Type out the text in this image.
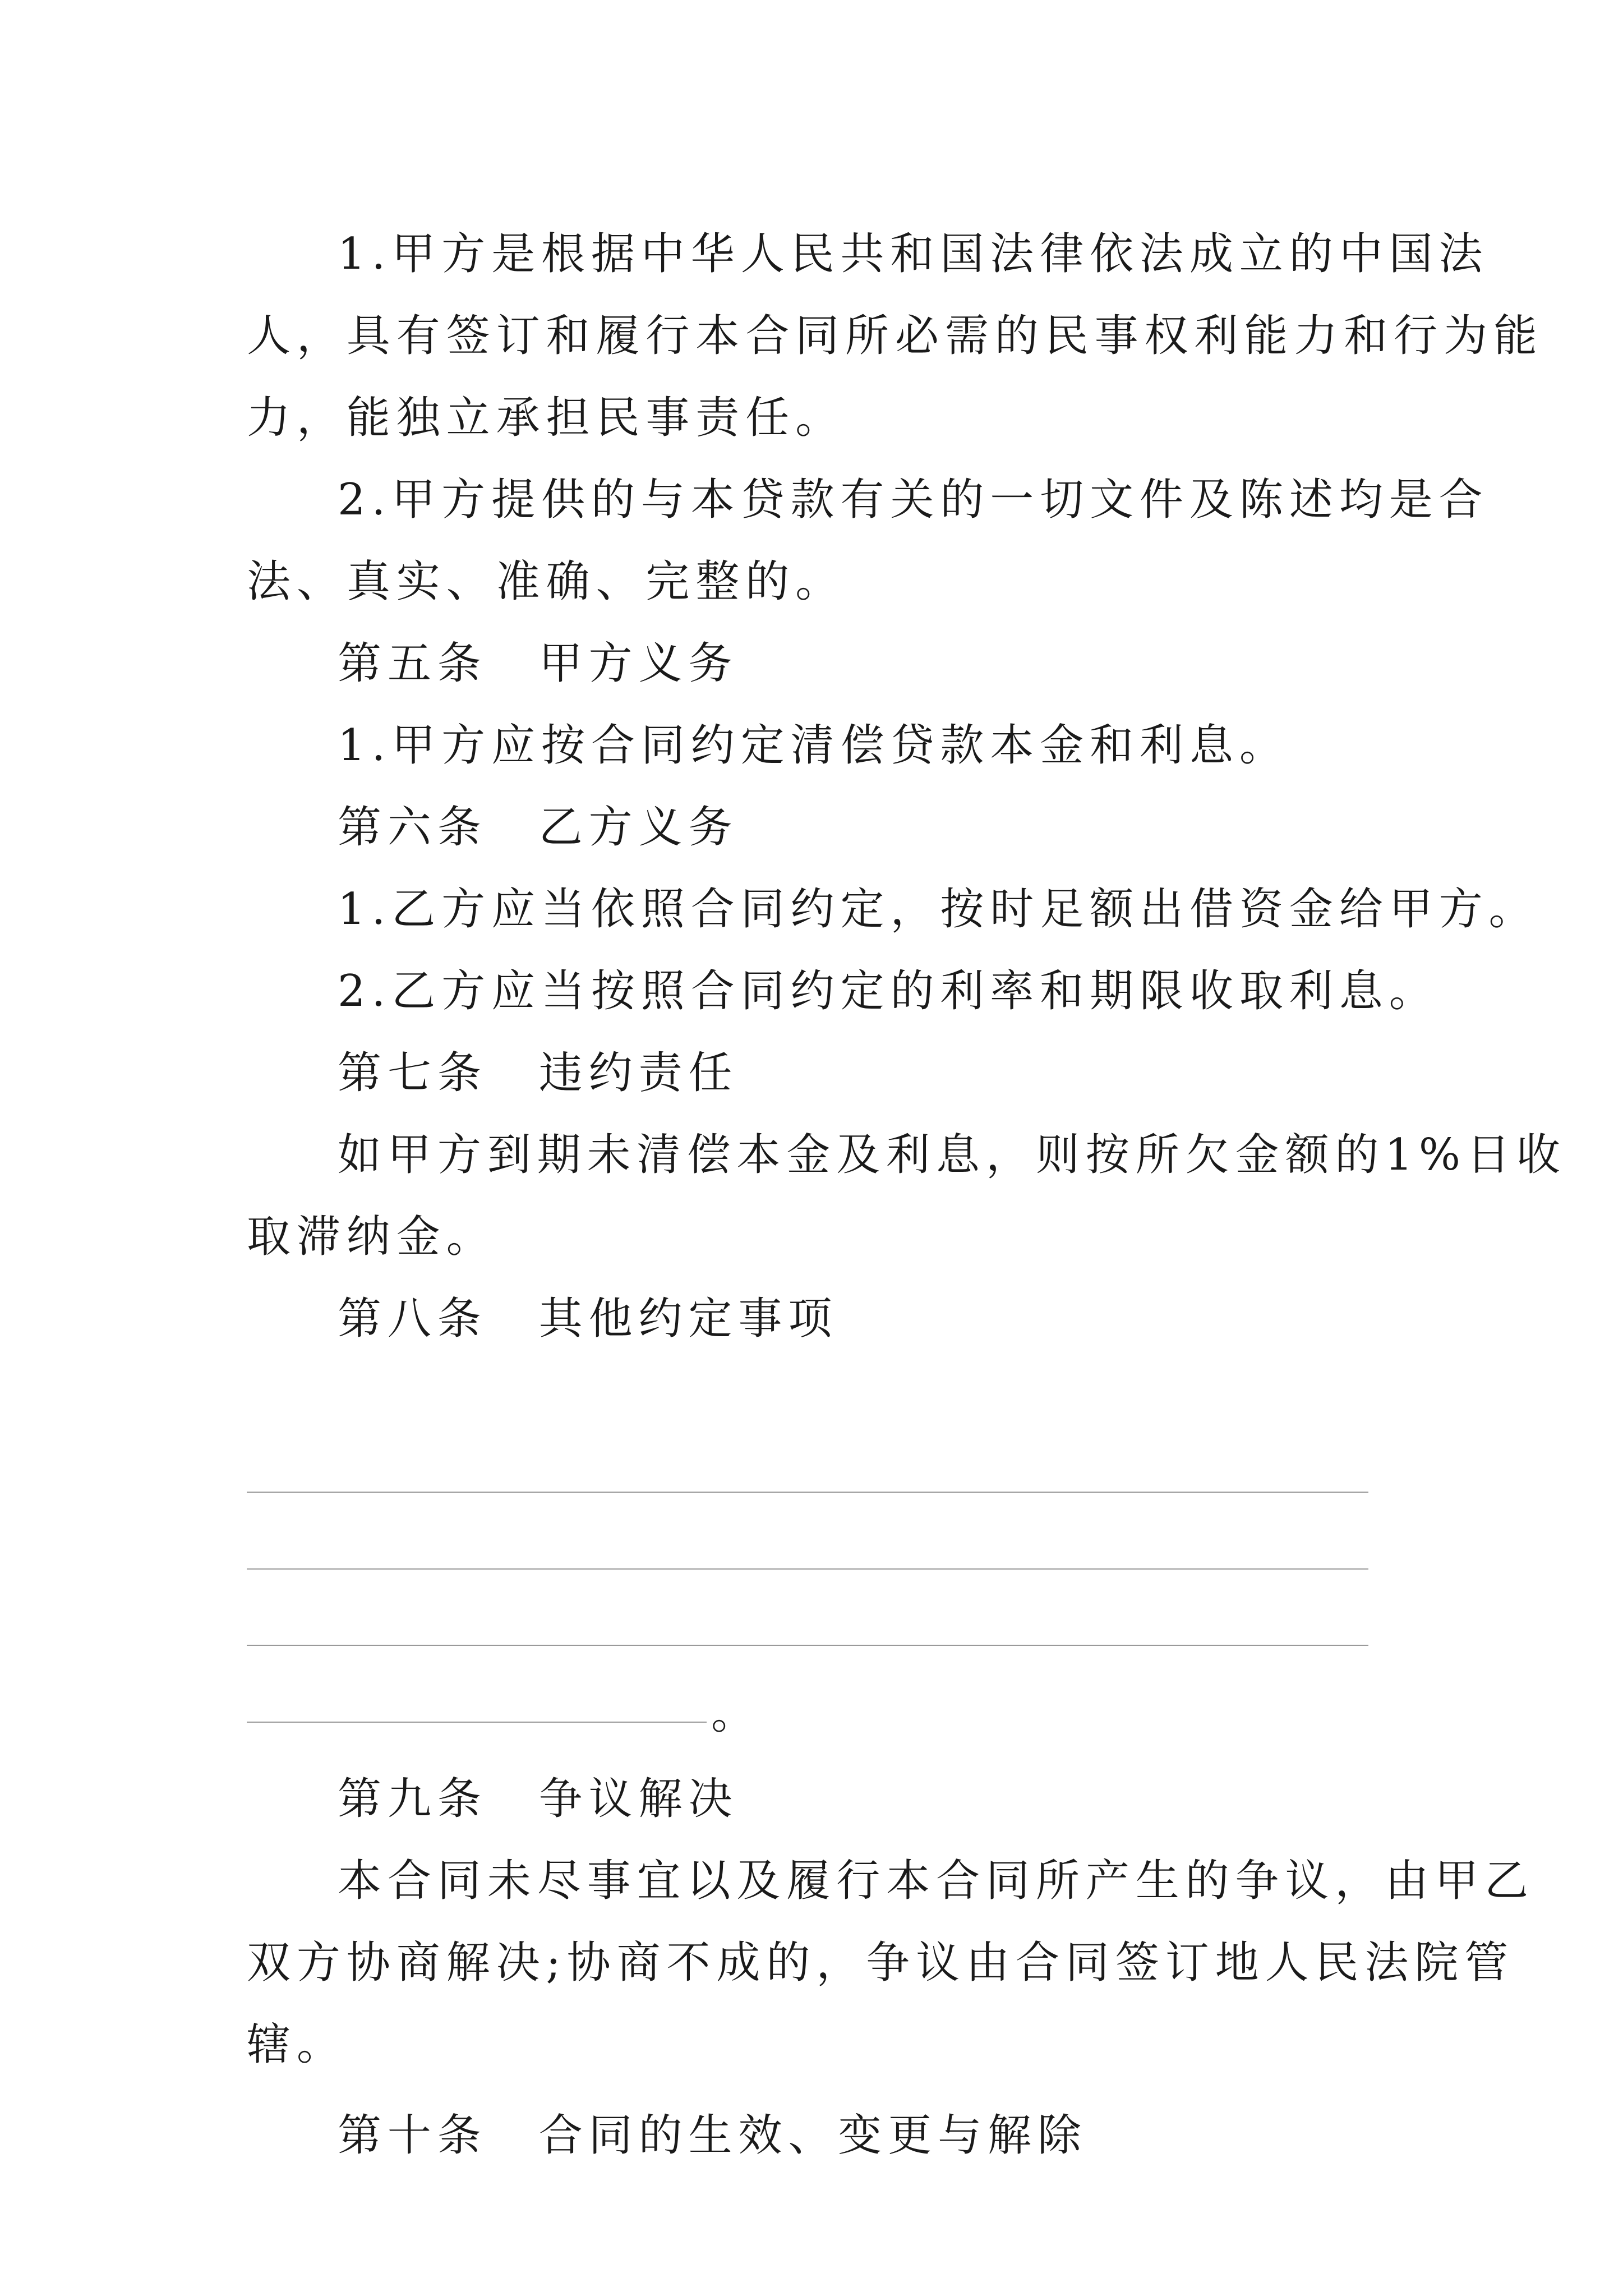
1.甲方是根据中华人民共和国法律依法成立的中国法
人，具有签订和履行本合同所必需的民事权利能力和行为能
力，能独立承担民事责任。
2.甲方提供的与本贷款有关的一切文件及陈述均是合
法、真实、准确、完整的。
第五条 甲方义务
1.甲方应按合同约定清偿贷款本金和利息。
第六条 乙方义务
1.乙方应当依照合同约定，按时足额出借资金给甲方。
2.乙方应当按照合同约定的利率和期限收取利息。
第七条 违约责任
如甲方到期未清偿本金及利息，则按所欠金额的1%日收
取滞纳金。
第八条 其他约定事项
。
第九条 争议解决
本合同未尽事宜以及履行本合同所产生的争议，由甲乙
双方协商解决;协商不成的，争议由合同签订地人民法院管
辖。
第十条 合同的生效、变更与解除
